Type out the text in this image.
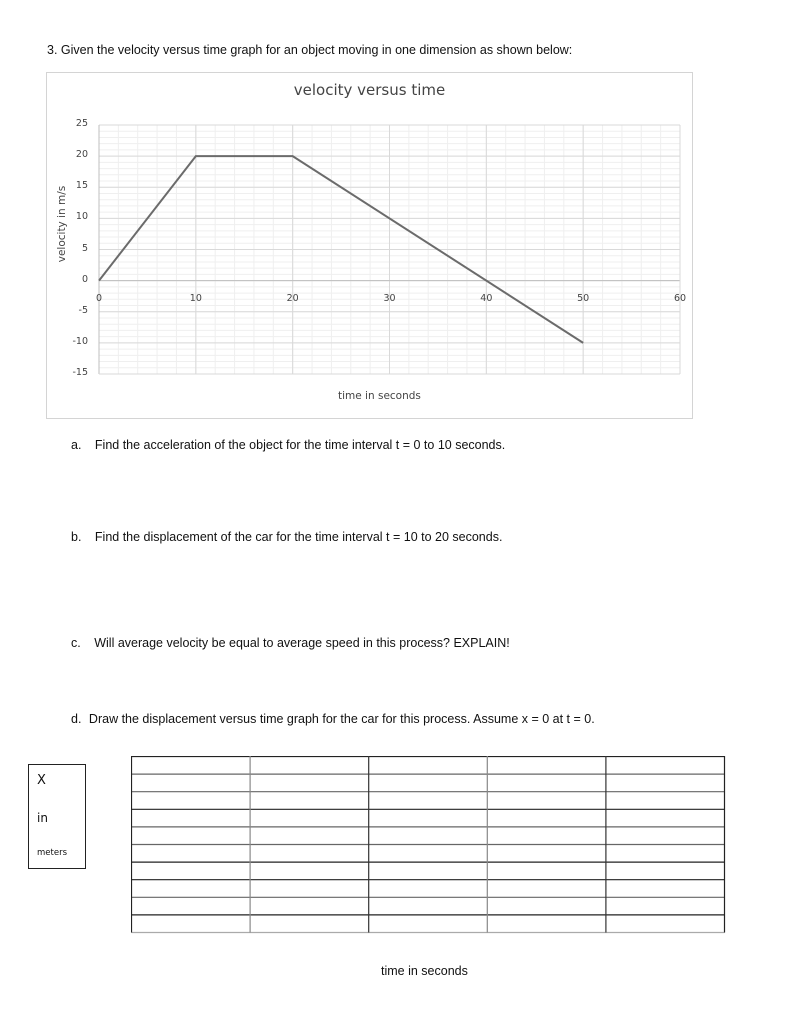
3. Given the velocity versus time graph for an object moving in one dimension as shown below:
velocity versus time
velocity in m/s
time in seconds
25
20
15
10
5
0
-5
-10
-15
0	10	20	30	40	50	60
a. Find the acceleration of the object for the time interval t = 0 to 10 seconds.
b. Find the displacement of the car for the time interval t = 10 to 20 seconds.
c. Will average velocity be equal to average speed in this process? EXPLAIN!
d. Draw the displacement versus time graph for the car for this process. Assume x = 0 at t = 0.
X
in
meters
time in seconds
